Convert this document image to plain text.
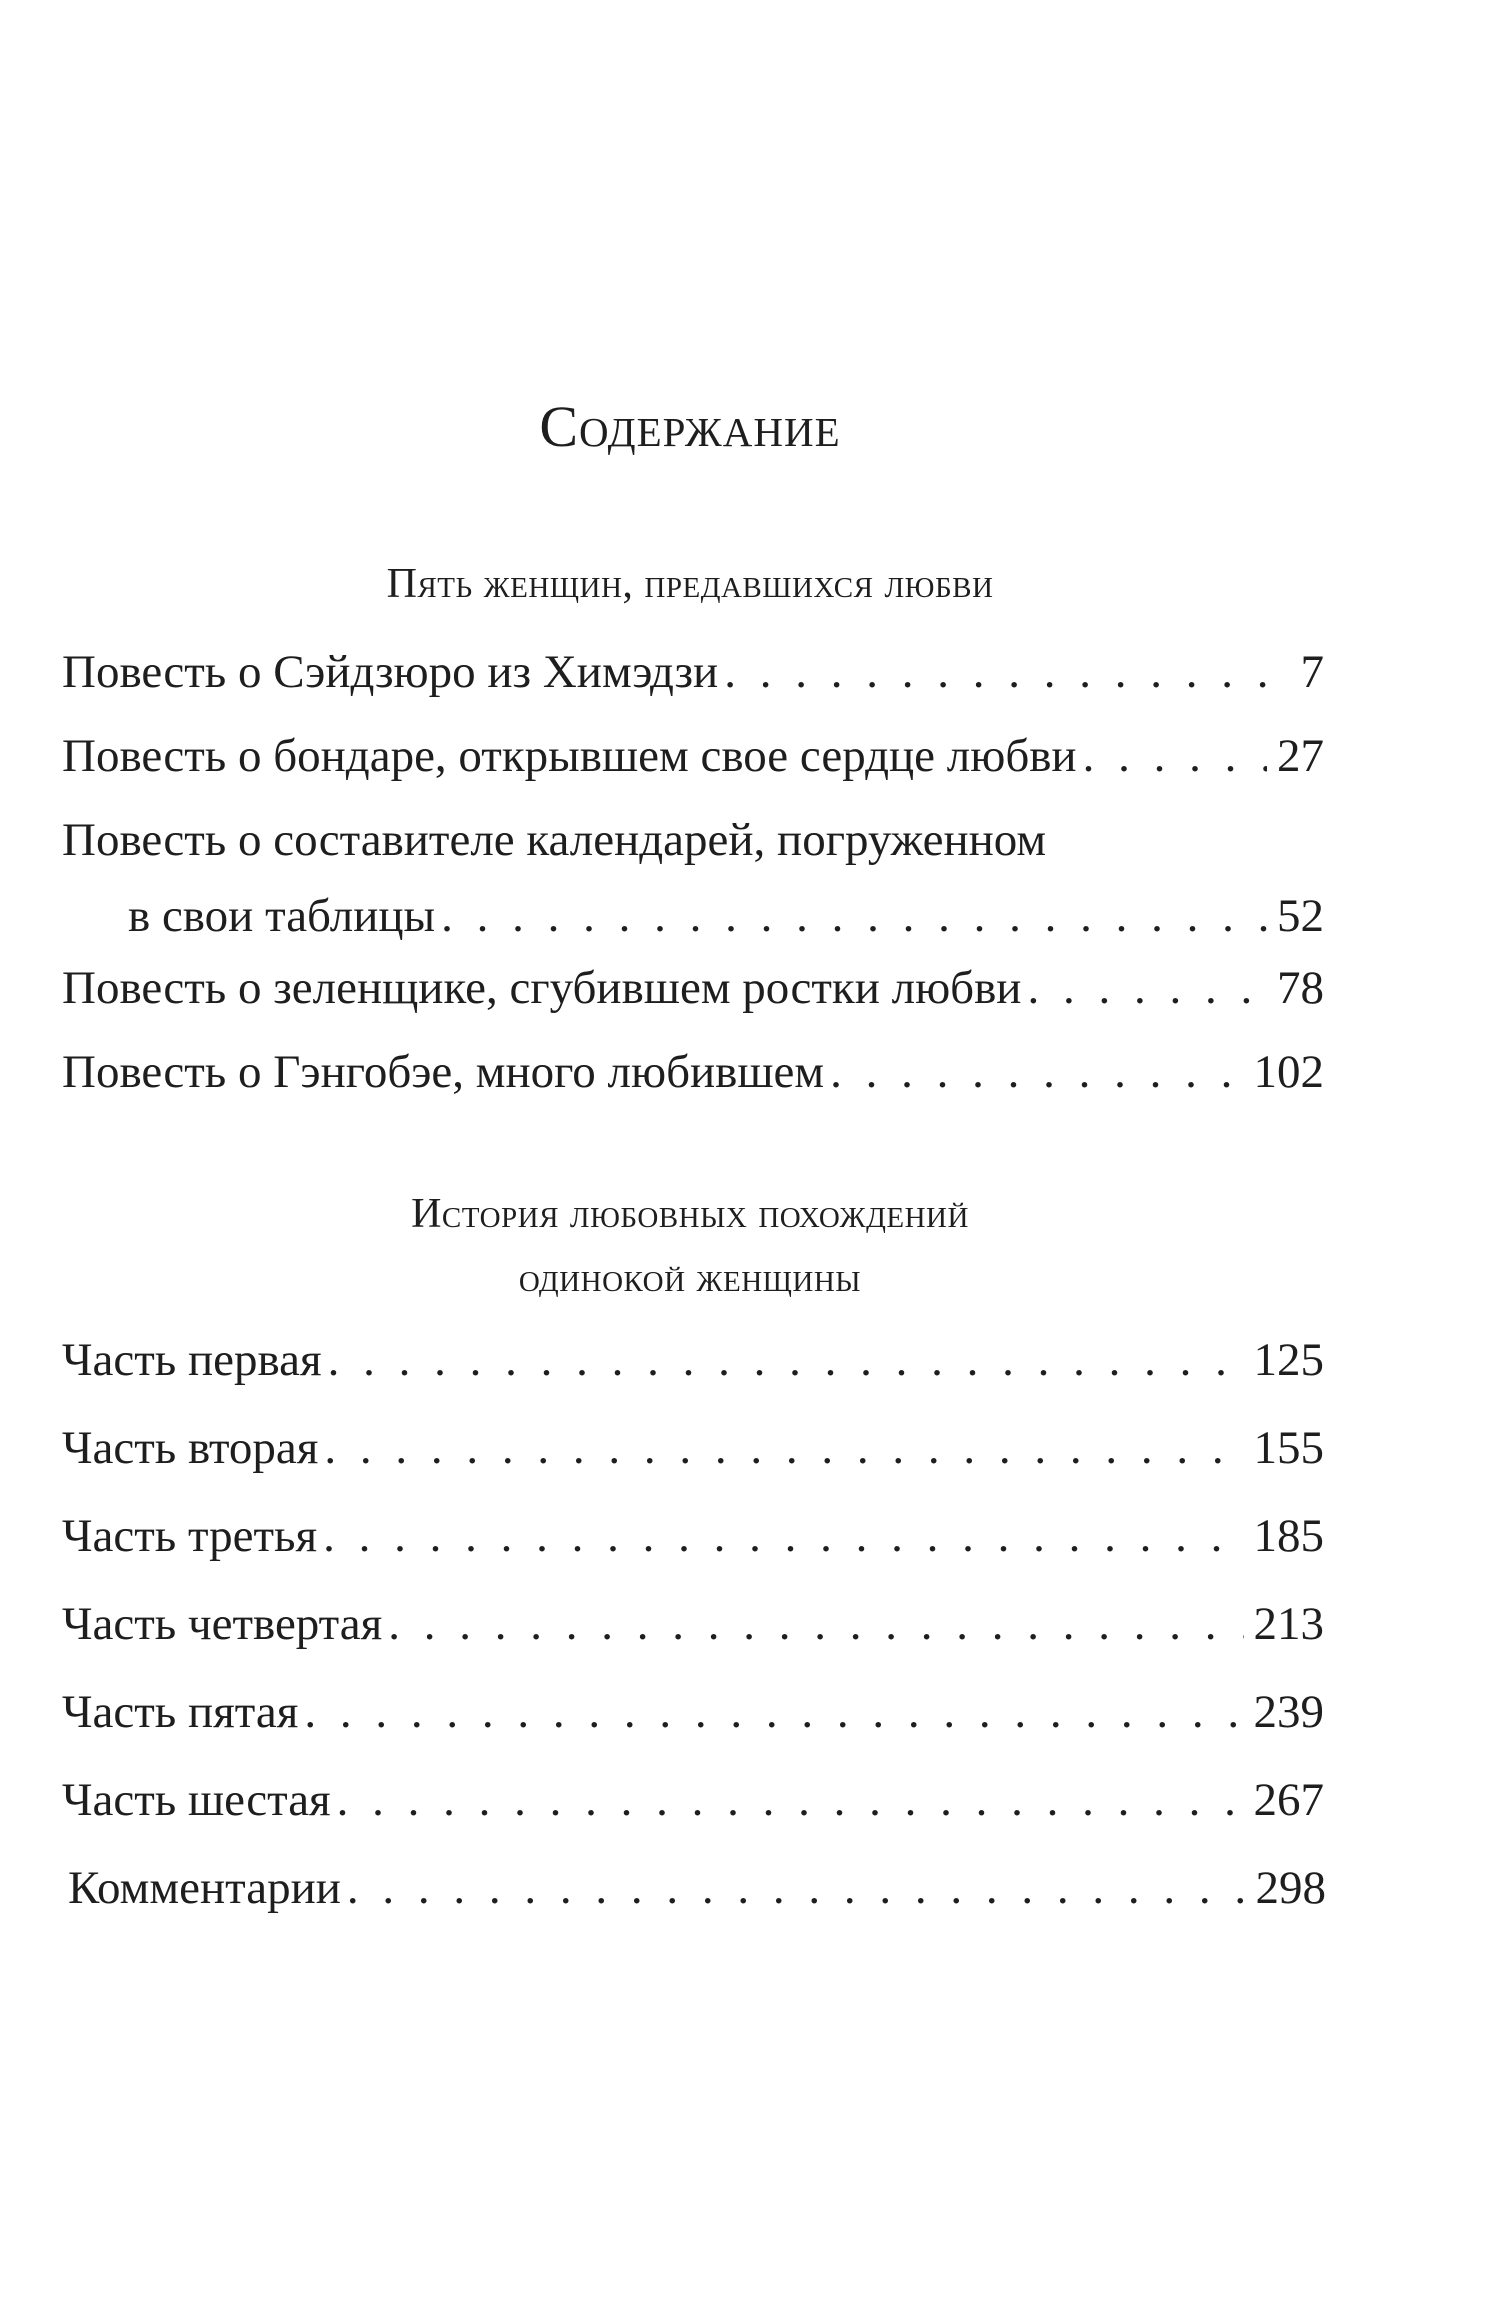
Содержание
Пять женщин, предавшихся любви
Повесть о Сэйдзюро из Химэдзи . . .	7
Повесть о бондаре, открывшем свое сердце любви . . .	27
Повесть о составителе календарей, погруженном
в свои таблицы . . .	52
Повесть о зеленщике, сгубившем ростки любви . . .	78
Повесть о Гэнгобэе, много любившем . . .	102
История любовных похождений
одинокой женщины
Часть первая . . .	125
Часть вторая . . .	155
Часть третья . . .	185
Часть четвертая . . .	213
Часть пятая . . .	239
Часть шестая . . .	267
Комментарии . . .	298
